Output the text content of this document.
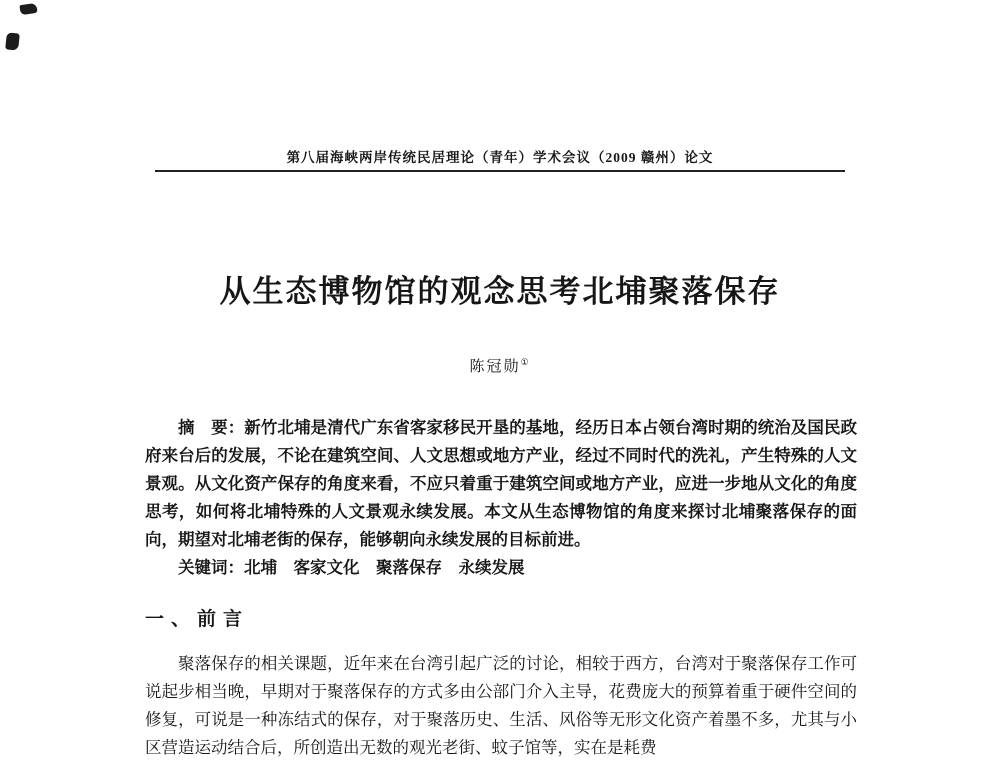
第八届海峡两岸传统民居理论（青年）学术会议（2009 赣州）论文
从生态博物馆的观念思考北埔聚落保存
陈冠勋①

摘　要：新竹北埔是清代广东省客家移民开垦的基地，经历日本占领台湾时期的统治及国民政府来台后的发展，不论在建筑空间、人文思想或地方产业，经过不同时代的洗礼，产生特殊的人文景观。从文化资产保存的角度来看，不应只着重于建筑空间或地方产业，应进一步地从文化的角度思考，如何将北埔特殊的人文景观永续发展。本文从生态博物馆的角度来探讨北埔聚落保存的面向，期望对北埔老街的保存，能够朝向永续发展的目标前进。

关键词：北埔　客家文化　聚落保存　永续发展

一、前言

聚落保存的相关课题，近年来在台湾引起广泛的讨论，相较于西方，台湾对于聚落保存工作可说起步相当晚，早期对于聚落保存的方式多由公部门介入主导，花费庞大的预算着重于硬件空间的修复，可说是一种冻结式的保存，对于聚落历史、生活、风俗等无形文化资产着墨不多，尤其与小区营造运动结合后，所创造出无数的观光老街、蚊子馆等，实在是耗费
